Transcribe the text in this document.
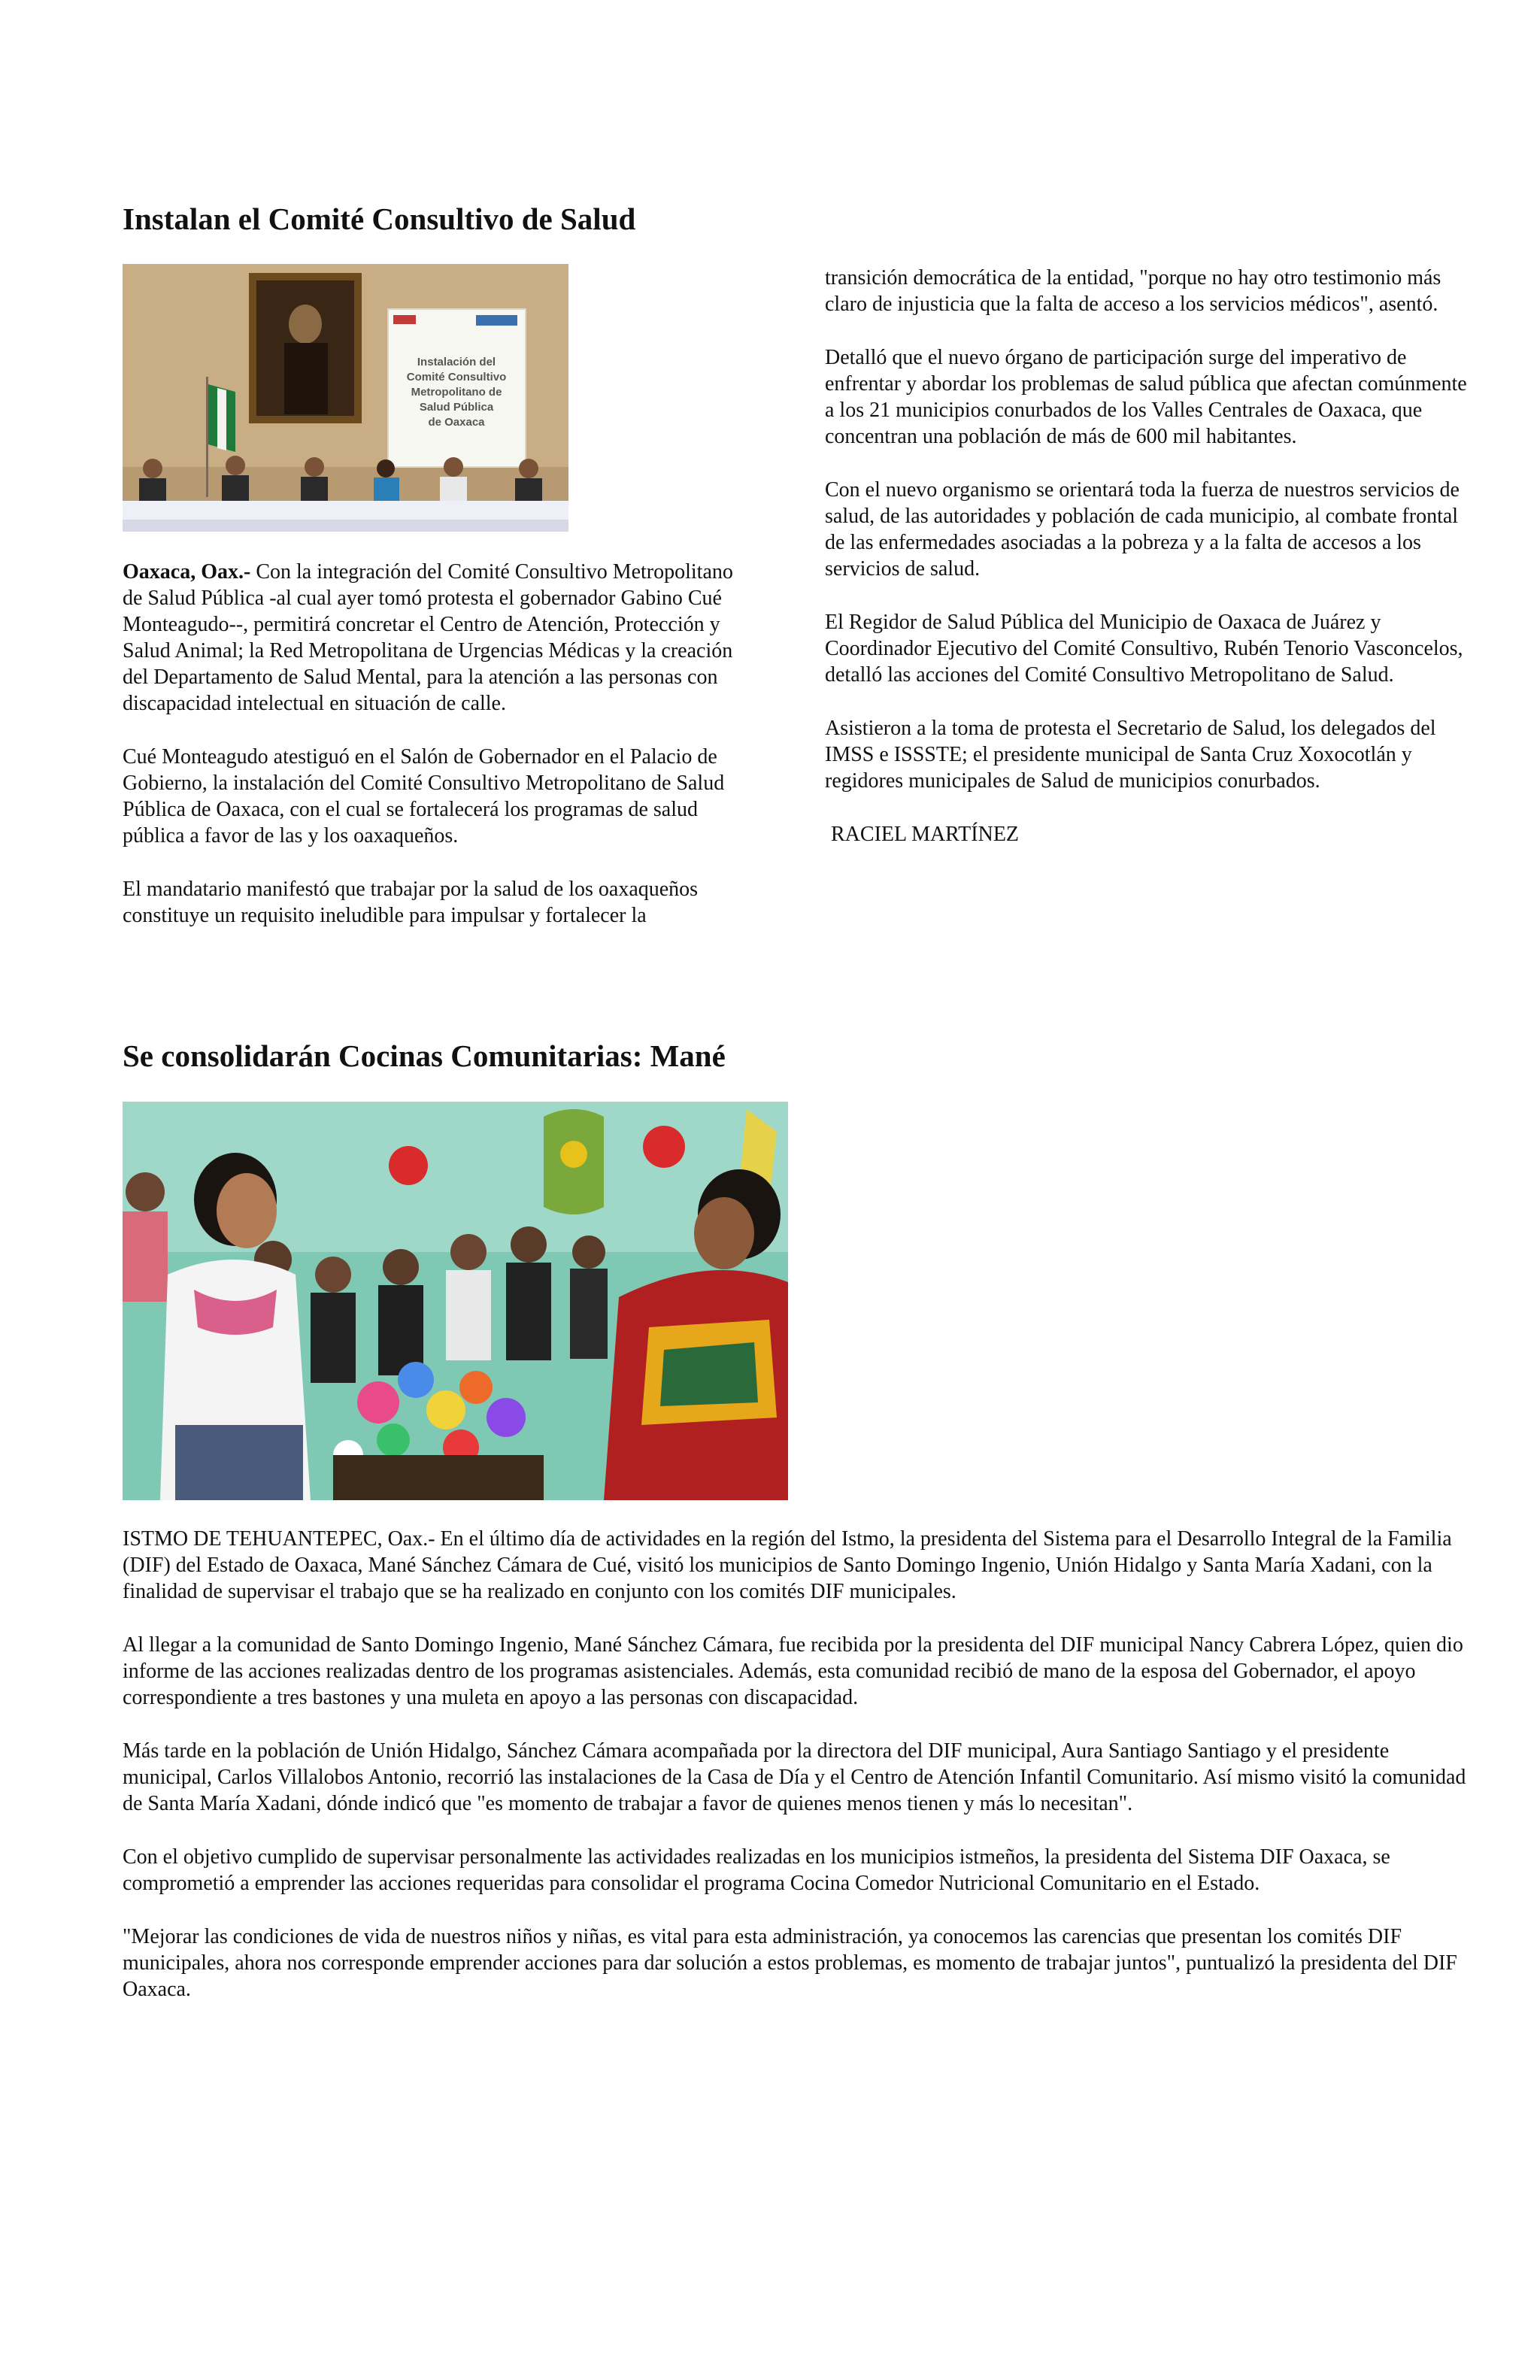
Instalan el Comité Consultivo de Salud
Instalación del
Comité Consultivo
Metropolitano de
Salud Pública
de Oaxaca

Oaxaca, Oax.- Con la integración del Comité Consultivo Metropolitano de Salud Pública -al cual ayer tomó protesta el gobernador Gabino Cué Monteagudo--, permitirá concretar el Centro de Atención, Protección y Salud Animal; la Red Metropolitana de Urgencias Médicas y la creación del Departamento de Salud Mental, para la atención a las personas con discapacidad intelectual en situación de calle.

Cué Monteagudo atestiguó en el Salón de Gobernador en el Palacio de Gobierno, la instalación del Comité Consultivo Metropolitano de Salud Pública de Oaxaca, con el cual se fortalecerá los programas de salud pública a favor de las y los oaxaqueños.

El mandatario manifestó que trabajar por la salud de los oaxaqueños constituye un requisito ineludible para impulsar y fortalecer la

transición democrática de la entidad, "porque no hay otro testimonio más claro de injusticia que la falta de acceso a los servicios médicos", asentó.

Detalló que el nuevo órgano de participación surge del imperativo de enfrentar y abordar los problemas de salud pública que afectan comúnmente a los 21 municipios conurbados de los Valles Centrales de Oaxaca, que concentran una población de más de 600 mil habitantes.

Con el nuevo organismo se orientará toda la fuerza de nuestros servicios de salud, de las autoridades y población de cada municipio, al combate frontal de las enfermedades asociadas a la pobreza y a la falta de accesos a los servicios de salud.

El Regidor de Salud Pública del Municipio de Oaxaca de Juárez y Coordinador Ejecutivo del Comité Consultivo, Rubén Tenorio Vasconcelos, detalló las acciones del Comité Consultivo Metropolitano de Salud.

Asistieron a la toma de protesta el Secretario de Salud, los delegados del IMSS e ISSSTE; el presidente municipal de Santa Cruz Xoxocotlán y regidores municipales de Salud de municipios conurbados.

RACIEL MARTÍNEZ

Se consolidarán Cocinas Comunitarias: Mané

ISTMO DE TEHUANTEPEC, Oax.- En el último día de actividades en la región del Istmo, la presidenta del Sistema para el Desarrollo Integral de la Familia (DIF) del Estado de Oaxaca, Mané Sánchez Cámara de Cué, visitó los municipios de Santo Domingo Ingenio, Unión Hidalgo y Santa María Xadani, con la finalidad de supervisar el trabajo que se ha realizado en conjunto con los comités DIF municipales.

Al llegar a la comunidad de Santo Domingo Ingenio, Mané Sánchez Cámara, fue recibida por la presidenta del DIF municipal Nancy Cabrera López, quien dio informe de las acciones realizadas dentro de los programas asistenciales. Además, esta comunidad recibió de mano de la esposa del Gobernador, el apoyo correspondiente a tres bastones y una muleta en apoyo a las personas con discapacidad.

Más tarde en la población de Unión Hidalgo, Sánchez Cámara acompañada por la directora del DIF municipal, Aura Santiago Santiago y el presidente municipal, Carlos Villalobos Antonio, recorrió las instalaciones de la Casa de Día y el Centro de Atención Infantil Comunitario. Así mismo visitó la comunidad de Santa María Xadani, dónde indicó que "es momento de trabajar a favor de quienes menos tienen y más lo necesitan".

Con el objetivo cumplido de supervisar personalmente las actividades realizadas en los municipios istmeños, la presidenta del Sistema DIF Oaxaca, se comprometió a emprender las acciones requeridas para consolidar el programa Cocina Comedor Nutricional Comunitario en el Estado.

"Mejorar las condiciones de vida de nuestros niños y niñas, es vital para esta administración, ya conocemos las carencias que presentan los comités DIF municipales, ahora nos corresponde emprender acciones para dar solución a estos problemas, es momento de trabajar juntos", puntualizó la presidenta del DIF Oaxaca.
